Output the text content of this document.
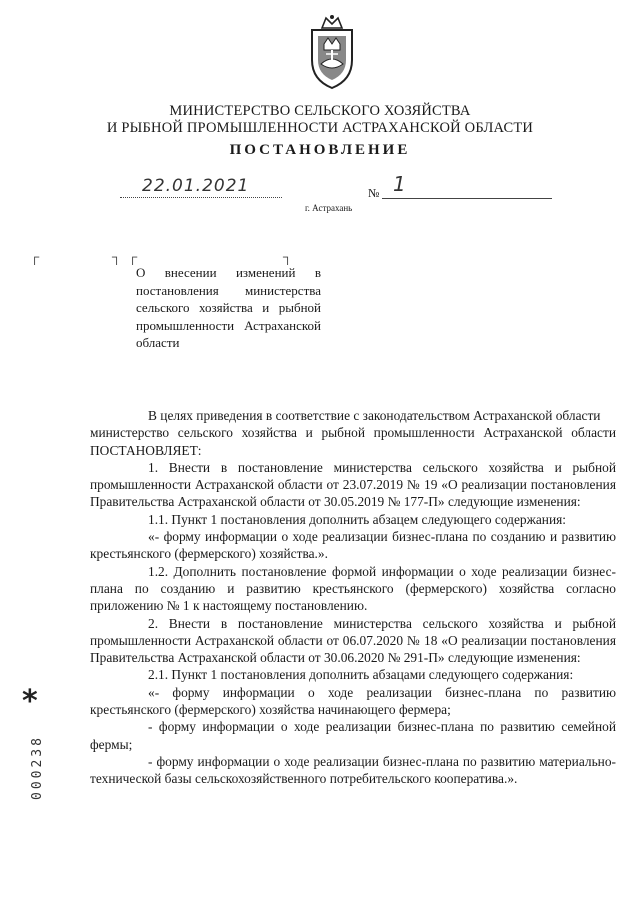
МИНИСТЕРСТВО СЕЛЬСКОГО ХОЗЯЙСТВА
И РЫБНОЙ ПРОМЫШЛЕННОСТИ АСТРАХАНСКОЙ ОБЛАСТИ
ПОСТАНОВЛЕНИЕ
22.01.2021	№ 1
г. Астрахань
┌	┐ ┌	┐
О внесении изменений в постановления министерства сельского хозяйства и рыбной промышленности Астраханской области

В целях приведения в соответствие с законодательством Астраханской области

министерство сельского хозяйства и рыбной промышленности Астраханской области ПОСТАНОВЛЯЕТ:

1. Внести в постановление министерства сельского хозяйства и рыбной промышленности Астраханской области от 23.07.2019 № 19 «О реализации постановления Правительства Астраханской области от 30.05.2019 № 177-П» следующие изменения:

1.1. Пункт 1 постановления дополнить абзацем следующего содержания:

«- форму информации о ходе реализации бизнес-плана по созданию и развитию крестьянского (фермерского) хозяйства.».

1.2. Дополнить постановление формой информации о ходе реализации бизнес-плана по созданию и развитию крестьянского (фермерского) хозяйства согласно приложению № 1 к настоящему постановлению.

2. Внести в постановление министерства сельского хозяйства и рыбной промышленности Астраханской области от 06.07.2020 № 18 «О реализации постановления Правительства Астраханской области от 30.06.2020 № 291-П» следующие изменения:

2.1. Пункт 1 постановления дополнить абзацами следующего содержания:

«- форму информации о ходе реализации бизнес-плана по развитию крестьянского (фермерского) хозяйства начинающего фермера;

- форму информации о ходе реализации бизнес-плана по развитию семейной фермы;

- форму информации о ходе реализации бизнес-плана по развитию материально-технической базы сельскохозяйственного потребительского кооператива.».

*
000238
